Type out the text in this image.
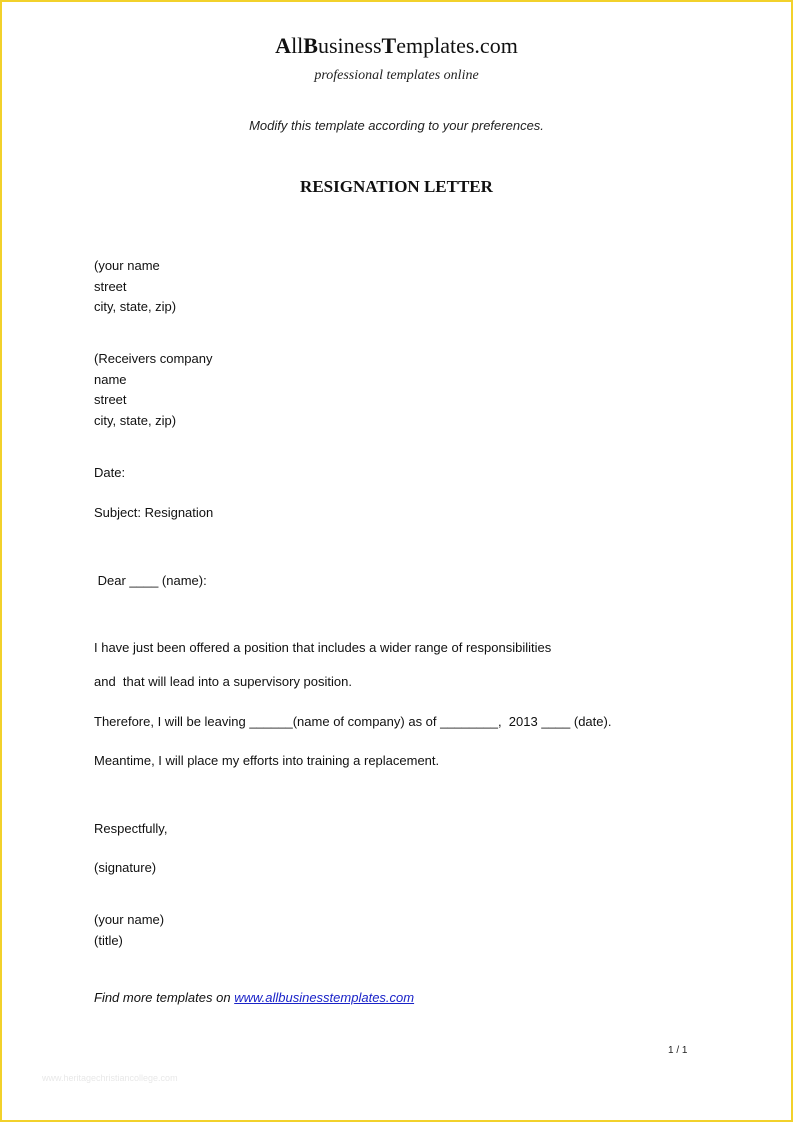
AllBusinessTemplates.com
professional templates online
Modify this template according to your preferences.
RESIGNATION LETTER
(your name
street
city, state, zip)
(Receivers company
name
street
city, state, zip)
Date:
Subject: Resignation
Dear ____ (name):
I have just been offered a position that includes a wider range of responsibilities
and  that will lead into a supervisory position.
Therefore, I will be leaving ______(name of company) as of ________,  2013 ____ (date).
Meantime, I will place my efforts into training a replacement.
Respectfully,
(signature)
(your name)
(title)
Find more templates on www.allbusinesstemplates.com
1 / 1
www.heritagechristiancollege.com
